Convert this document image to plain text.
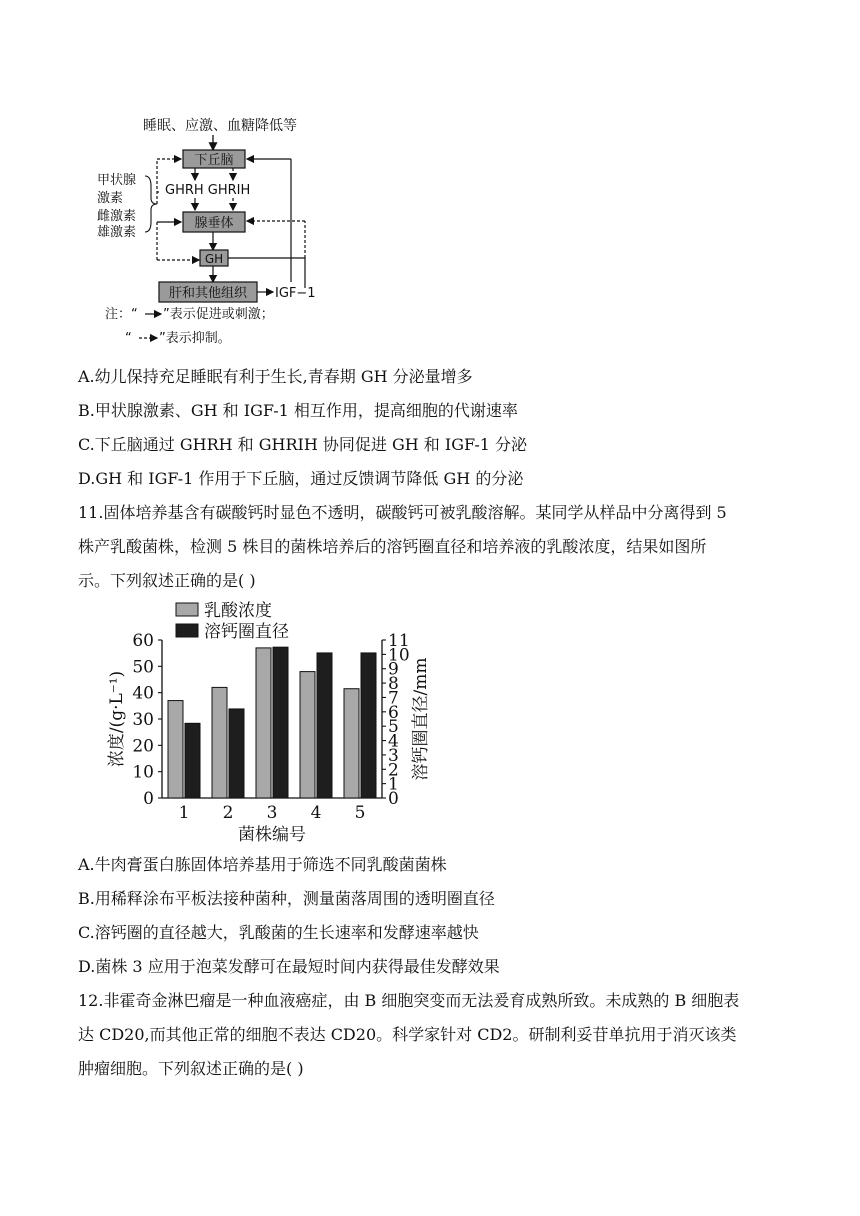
睡眠、应激、血糖降低等
下丘脑
GHRH GHRIH
腺垂体
GH
肝和其他组织 IGF−1
甲状腺
激素
雌激素
雄激素
注：“ ”表示促进或刺激；
“ ”表示抑制。
A.幼儿保持充足睡眠有利于生长,青春期 GH 分泌量增多
B.甲状腺激素、GH 和 IGF-1 相互作用，提高细胞的代谢速率
C.下丘脑通过 GHRH 和 GHRIH 协同促进 GH 和 IGF-1 分泌
D.GH 和 IGF-1 作用于下丘脑，通过反馈调节降低 GH 的分泌
11.固体培养基含有碳酸钙时显色不透明，碳酸钙可被乳酸溶解。某同学从样品中分离得到 5
株产乳酸菌株，检测 5 株目的菌株培养后的溶钙圈直径和培养液的乳酸浓度，结果如图所
示。下列叙述正确的是( )
0
10
20
30
40
50
60
0
1
2
3
4
5
6
7
8
9
10
11
1 2 3 4 5
菌株编号
浓度/(g·L⁻¹)	溶钙圈直径/mm
乳酸浓度
溶钙圈直径
A.牛肉膏蛋白胨固体培养基用于筛选不同乳酸菌菌株
B.用稀释涂布平板法接种菌种，测量菌落周围的透明圈直径
C.溶钙圈的直径越大，乳酸菌的生长速率和发酵速率越快
D.菌株 3 应用于泡菜发酵可在最短时间内获得最佳发酵效果
12.非霍奇金淋巴瘤是一种血液癌症，由 B 细胞突变而无法爰育成熟所致。未成熟的 B 细胞表
达 CD20,而其他正常的细胞不表达 CD20。科学家针对 CD2。研制利妥苷单抗用于消灭该类
肿瘤细胞。下列叙述正确的是( )
